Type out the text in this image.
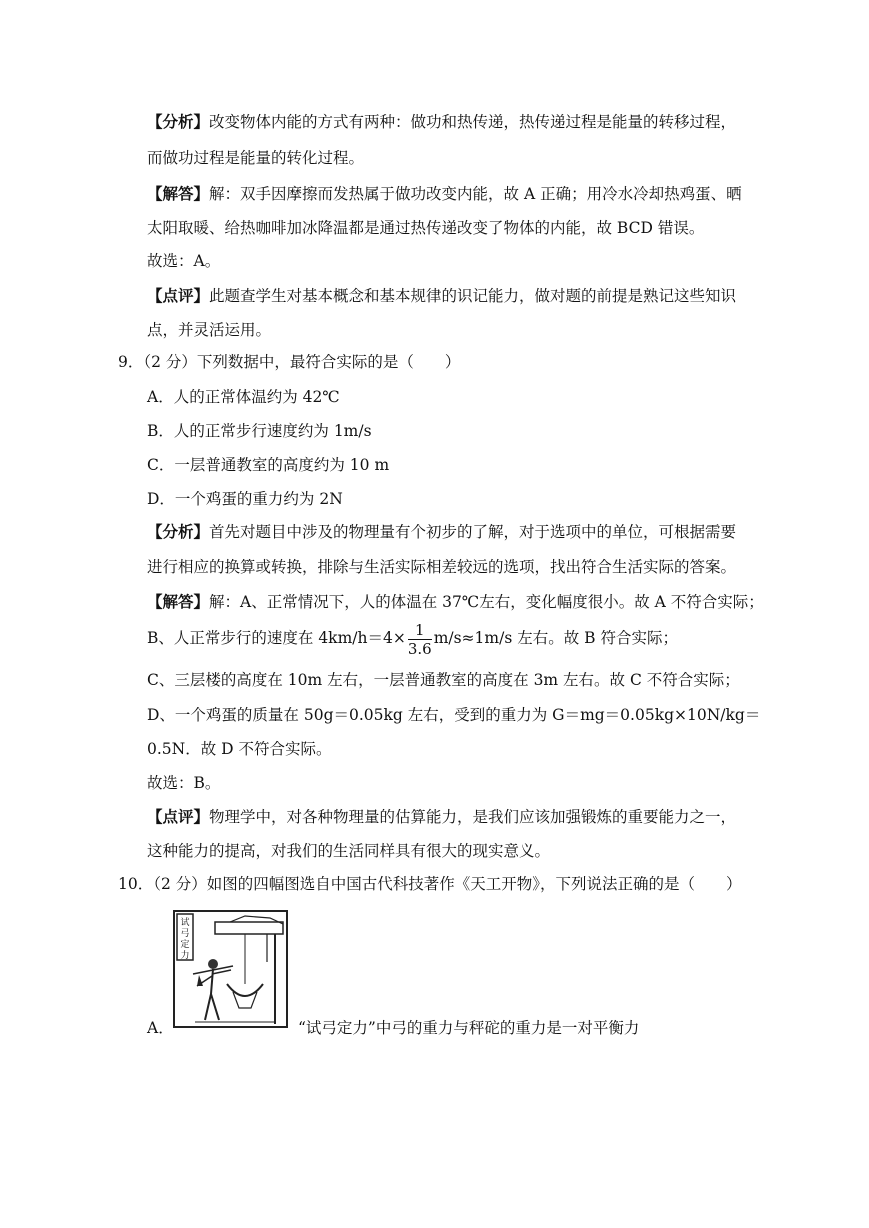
【分析】改变物体内能的方式有两种：做功和热传递，热传递过程是能量的转移过程，
而做功过程是能量的转化过程。
【解答】解：双手因摩擦而发热属于做功改变内能，故 A 正确；用冷水冷却热鸡蛋、晒
太阳取暖、给热咖啡加冰降温都是通过热传递改变了物体的内能，故 BCD 错误。
故选：A。
【点评】此题查学生对基本概念和基本规律的识记能力，做对题的前提是熟记这些知识
点，并灵活运用。
9．（2 分）下列数据中，最符合实际的是（　　）
A．人的正常体温约为 42℃
B．人的正常步行速度约为 1m/s
C．一层普通教室的高度约为 10 m
D．一个鸡蛋的重力约为 2N
【分析】首先对题目中涉及的物理量有个初步的了解，对于选项中的单位，可根据需要
进行相应的换算或转换，排除与生活实际相差较远的选项，找出符合生活实际的答案。
【解答】解：A、正常情况下，人的体温在 37℃左右，变化幅度很小。故 A 不符合实际；
B、人正常步行的速度在 $4km/h=4\times \frac{1}{3.6} m/s\approx 1m/s$ 左右。故 B 符合实际；
C、三层楼的高度在 10m 左右，一层普通教室的高度在 3m 左右。故 C 不符合实际；
D、一个鸡蛋的质量在 50g＝0.05kg 左右，受到的重力为 G＝mg＝0.05kg×10N/kg＝
0.5N．故 D 不符合实际。
故选：B。
【点评】物理学中，对各种物理量的估算能力，是我们应该加强锻炼的重要能力之一，
这种能力的提高，对我们的生活同样具有很大的现实意义。
10．（2 分）如图的四幅图选自中国古代科技著作《天工开物》，下列说法正确的是（　　）
试
弓
定
力
A．	“试弓定力”中弓的重力与秤砣的重力是一对平衡力
